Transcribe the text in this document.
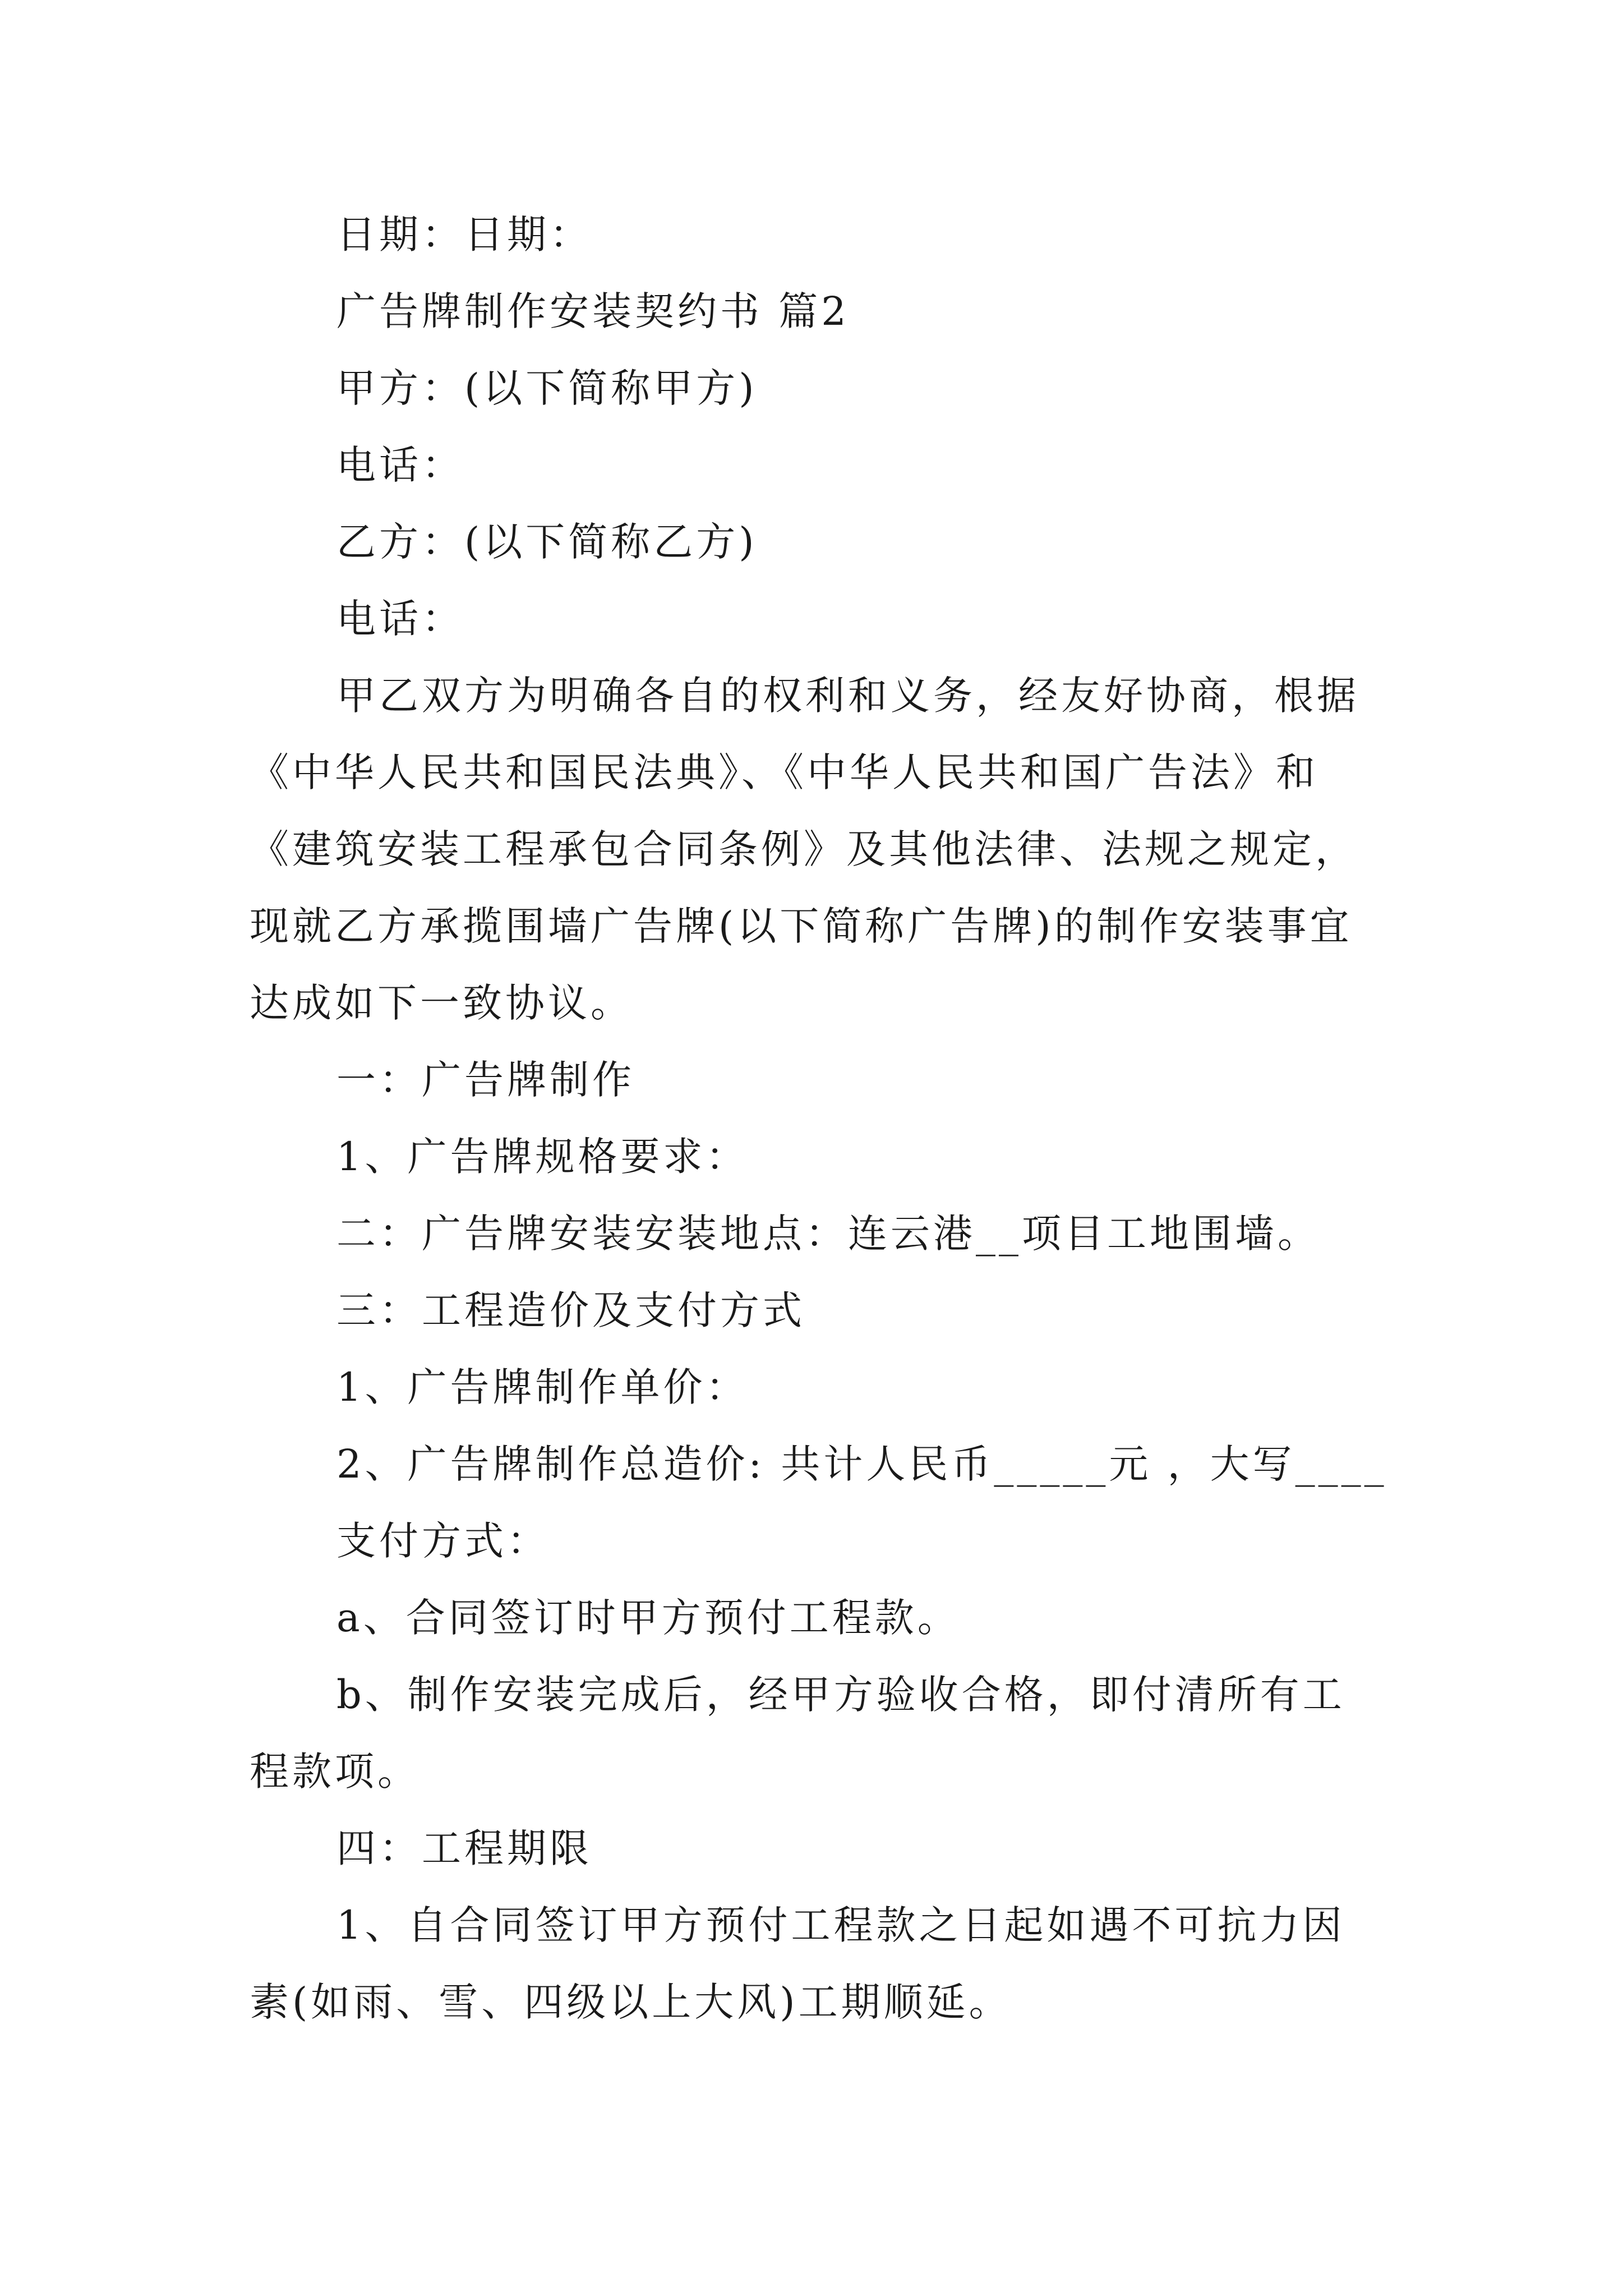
日期：日期：
广告牌制作安装契约书 篇2
甲方：(以下简称甲方)
电话：
乙方：(以下简称乙方)
电话：
甲乙双方为明确各自的权利和义务，经友好协商，根据
《中华人民共和国民法典》、《中华人民共和国广告法》和
《建筑安装工程承包合同条例》及其他法律、法规之规定，
现就乙方承揽围墙广告牌(以下简称广告牌)的制作安装事宜
达成如下一致协议。
一：广告牌制作
1、广告牌规格要求：
二：广告牌安装安装地点：连云港__项目工地围墙。
三：工程造价及支付方式
1、广告牌制作单价：
2、广告牌制作总造价: 共计人民币_____元 ，大写____
支付方式：
a、合同签订时甲方预付工程款。
b、制作安装完成后，经甲方验收合格，即付清所有工
程款项。
四：工程期限
1、自合同签订甲方预付工程款之日起如遇不可抗力因
素(如雨、雪、四级以上大风)工期顺延。
